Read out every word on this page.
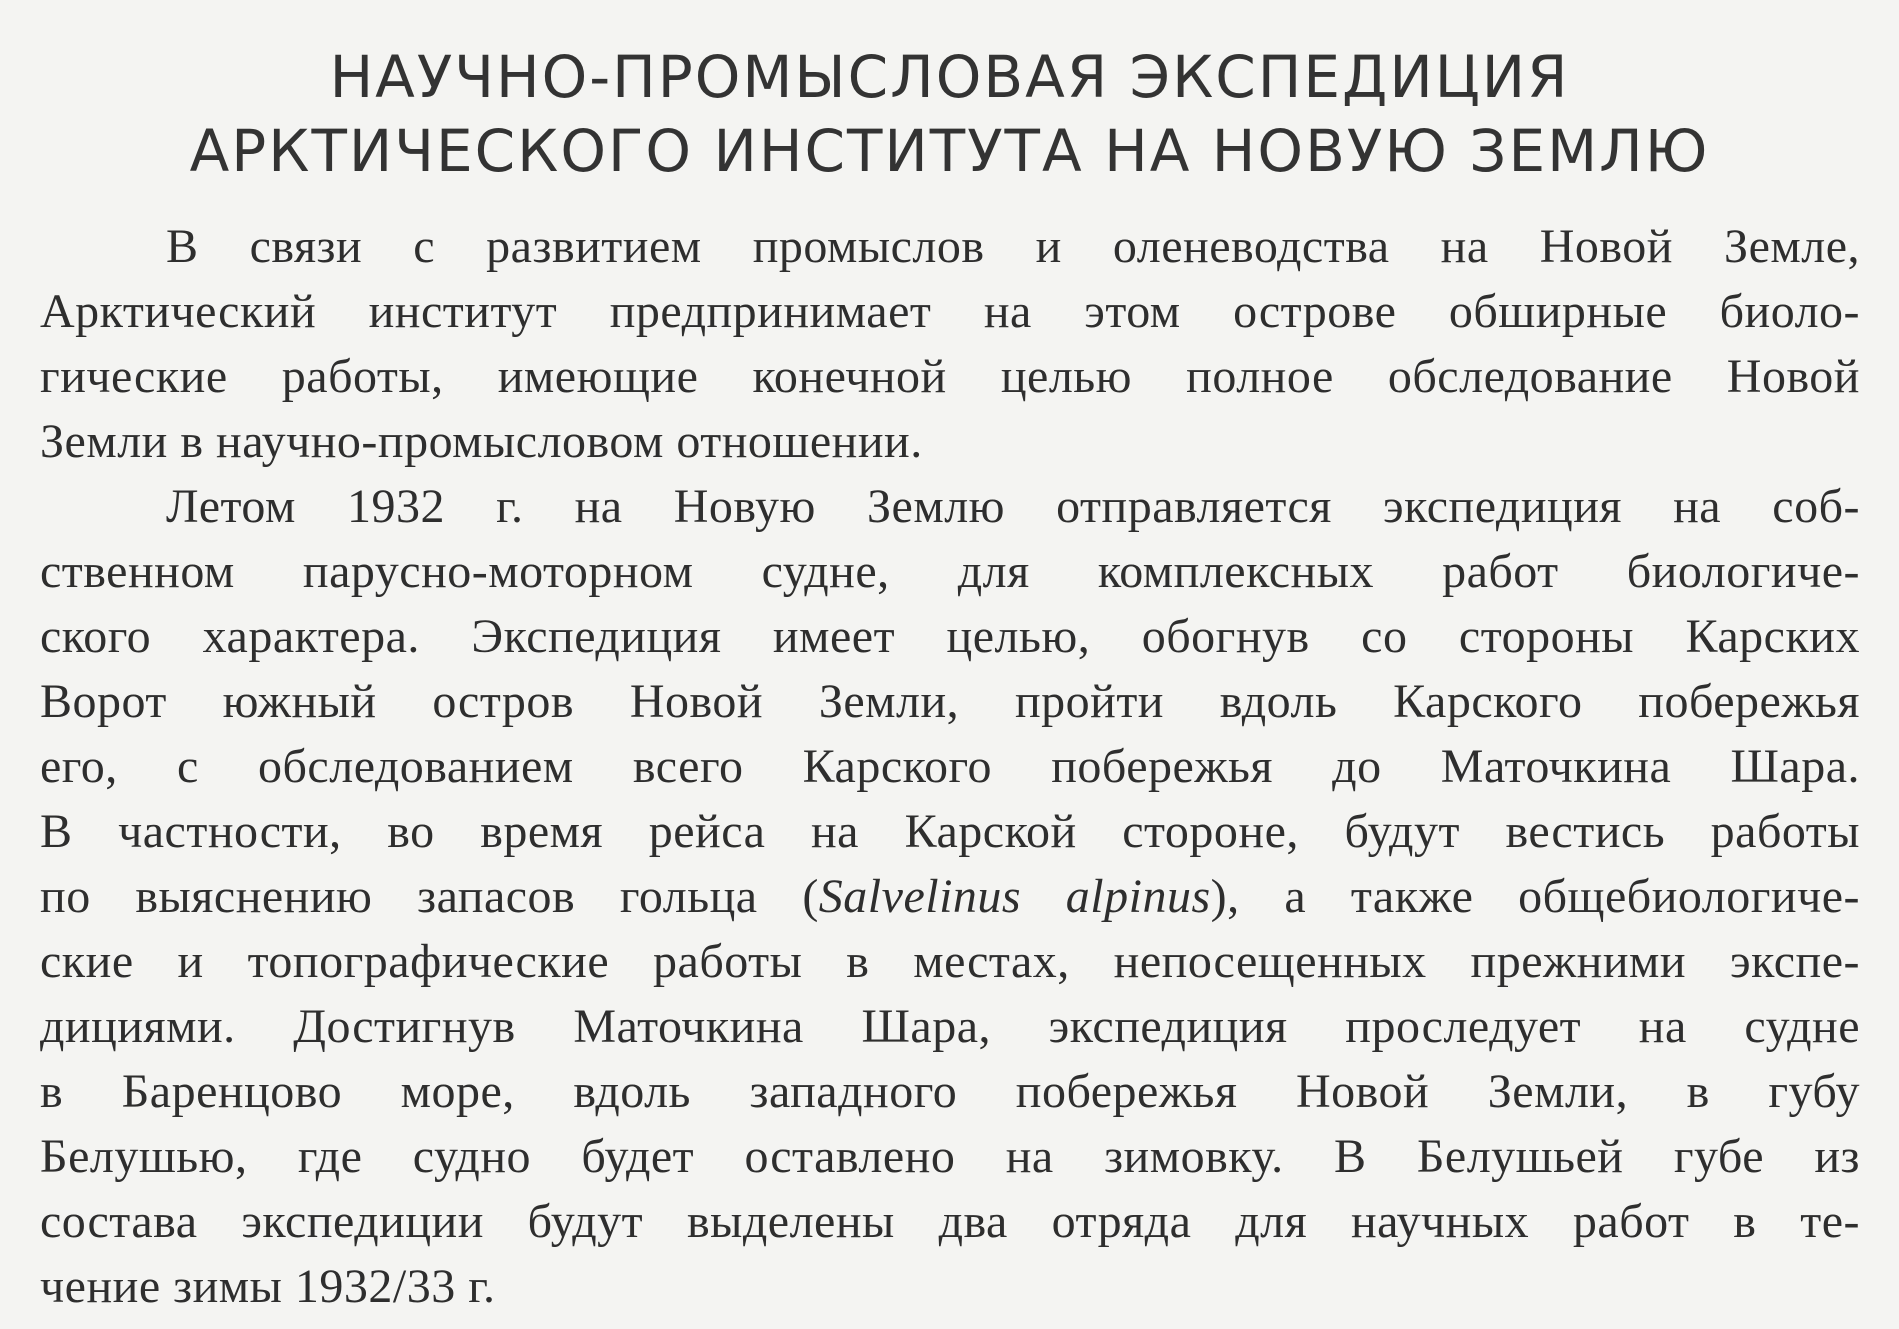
НАУЧНО-ПРОМЫСЛОВАЯ ЭКСПЕДИЦИЯ
АРКТИЧЕСКОГО ИНСТИТУТА НА НОВУЮ ЗЕМЛЮ

В связи с развитием промыслов и оленеводства на Новой Земле,
Арктический институт предпринимает на этом острове обширные биоло-
гические работы, имеющие конечной целью полное обследование Новой
Земли в научно-промысловом отношении.

Летом 1932 г. на Новую Землю отправляется экспедиция на соб-
ственном парусно-моторном судне, для комплексных работ биологиче-
ского характера. Экспедиция имеет целью, обогнув со стороны Карских
Ворот южный остров Новой Земли, пройти вдоль Карского побережья
его, с обследованием всего Карского побережья до Маточкина Шара.
В частности, во время рейса на Карской стороне, будут вестись работы
по выяснению запасов гольца (Salvelinus alpinus), а также общебиологиче-
ские и топографические работы в местах, непосещенных прежними экспе-
дициями. Достигнув Маточкина Шара, экспедиция проследует на судне
в Баренцово море, вдоль западного побережья Новой Земли, в губу
Белушью, где судно будет оставлено на зимовку. В Белушьей губе из
состава экспедиции будут выделены два отряда для научных работ в те-
чение зимы 1932/33 г.
